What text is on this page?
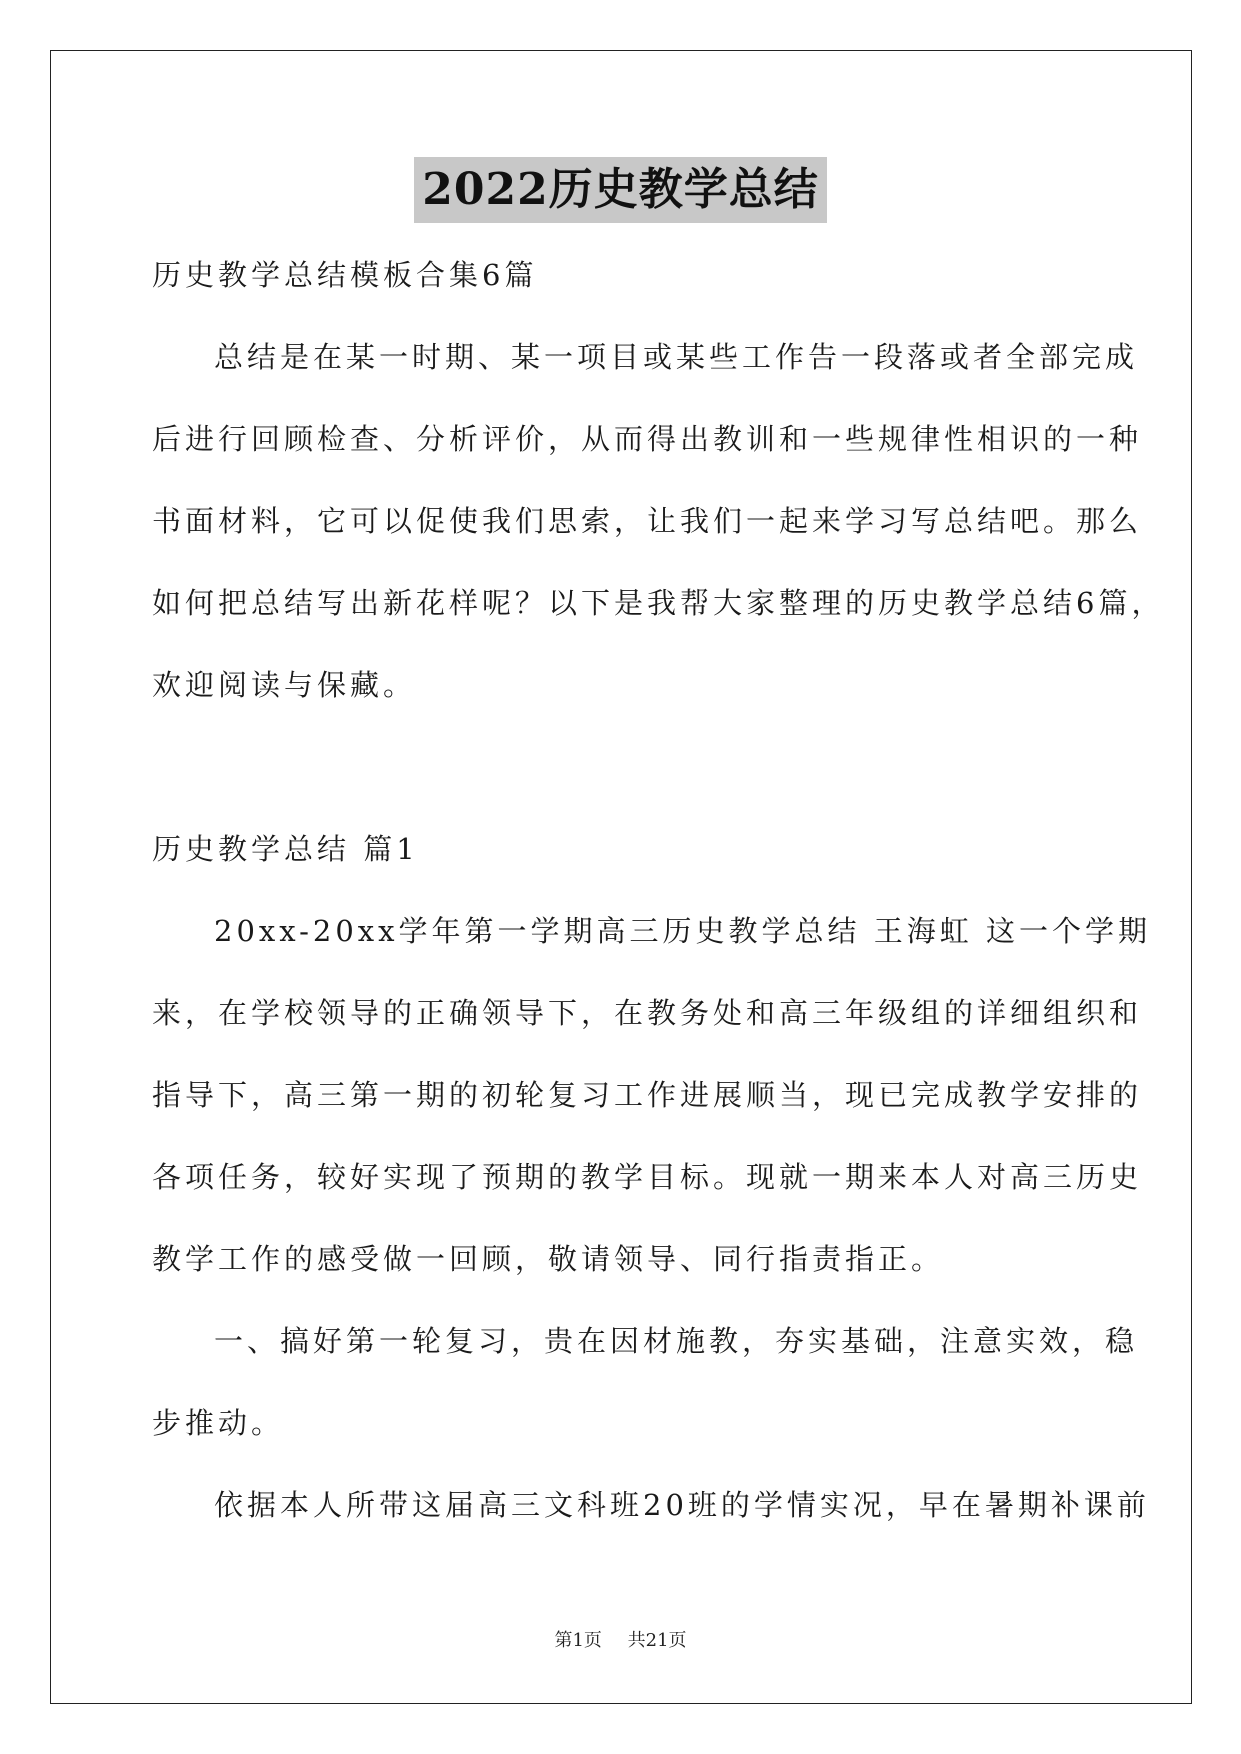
2022历史教学总结
历史教学总结模板合集6篇
总结是在某一时期、某一项目或某些工作告一段落或者全部完成
后进行回顾检查、分析评价，从而得出教训和一些规律性相识的一种
书面材料，它可以促使我们思索，让我们一起来学习写总结吧。那么
如何把总结写出新花样呢？以下是我帮大家整理的历史教学总结6篇，
欢迎阅读与保藏。
历史教学总结 篇1
20xx-20xx学年第一学期高三历史教学总结 王海虹 这一个学期
来，在学校领导的正确领导下，在教务处和高三年级组的详细组织和
指导下，高三第一期的初轮复习工作进展顺当，现已完成教学安排的
各项任务，较好实现了预期的教学目标。现就一期来本人对高三历史
教学工作的感受做一回顾，敬请领导、同行指责指正。
一、搞好第一轮复习，贵在因材施教，夯实基础，注意实效，稳
步推动。
依据本人所带这届高三文科班20班的学情实况，早在暑期补课前
第1页 共21页
